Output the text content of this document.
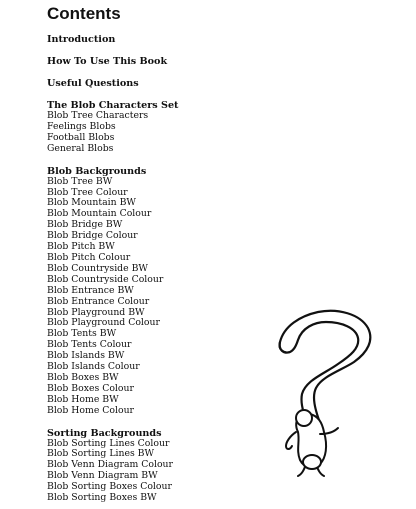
Contents
Introduction
How To Use This Book
Useful Questions
The Blob Characters Set
Blob Tree Characters
Feelings Blobs
Football Blobs
General Blobs
Blob Backgrounds
Blob Tree BW
Blob Tree Colour
Blob Mountain BW
Blob Mountain Colour
Blob Bridge BW
Blob Bridge Colour
Blob Pitch BW
Blob Pitch Colour
Blob Countryside BW
Blob Countryside Colour
Blob Entrance BW
Blob Entrance Colour
Blob Playground BW
Blob Playground Colour
Blob Tents BW
Blob Tents Colour
Blob Islands BW
Blob Islands Colour
Blob Boxes BW
Blob Boxes Colour
Blob Home BW
Blob Home Colour
Sorting Backgrounds
Blob Sorting Lines Colour
Blob Sorting Lines BW
Blob Venn Diagram Colour
Blob Venn Diagram BW
Blob Sorting Boxes Colour
Blob Sorting Boxes BW
